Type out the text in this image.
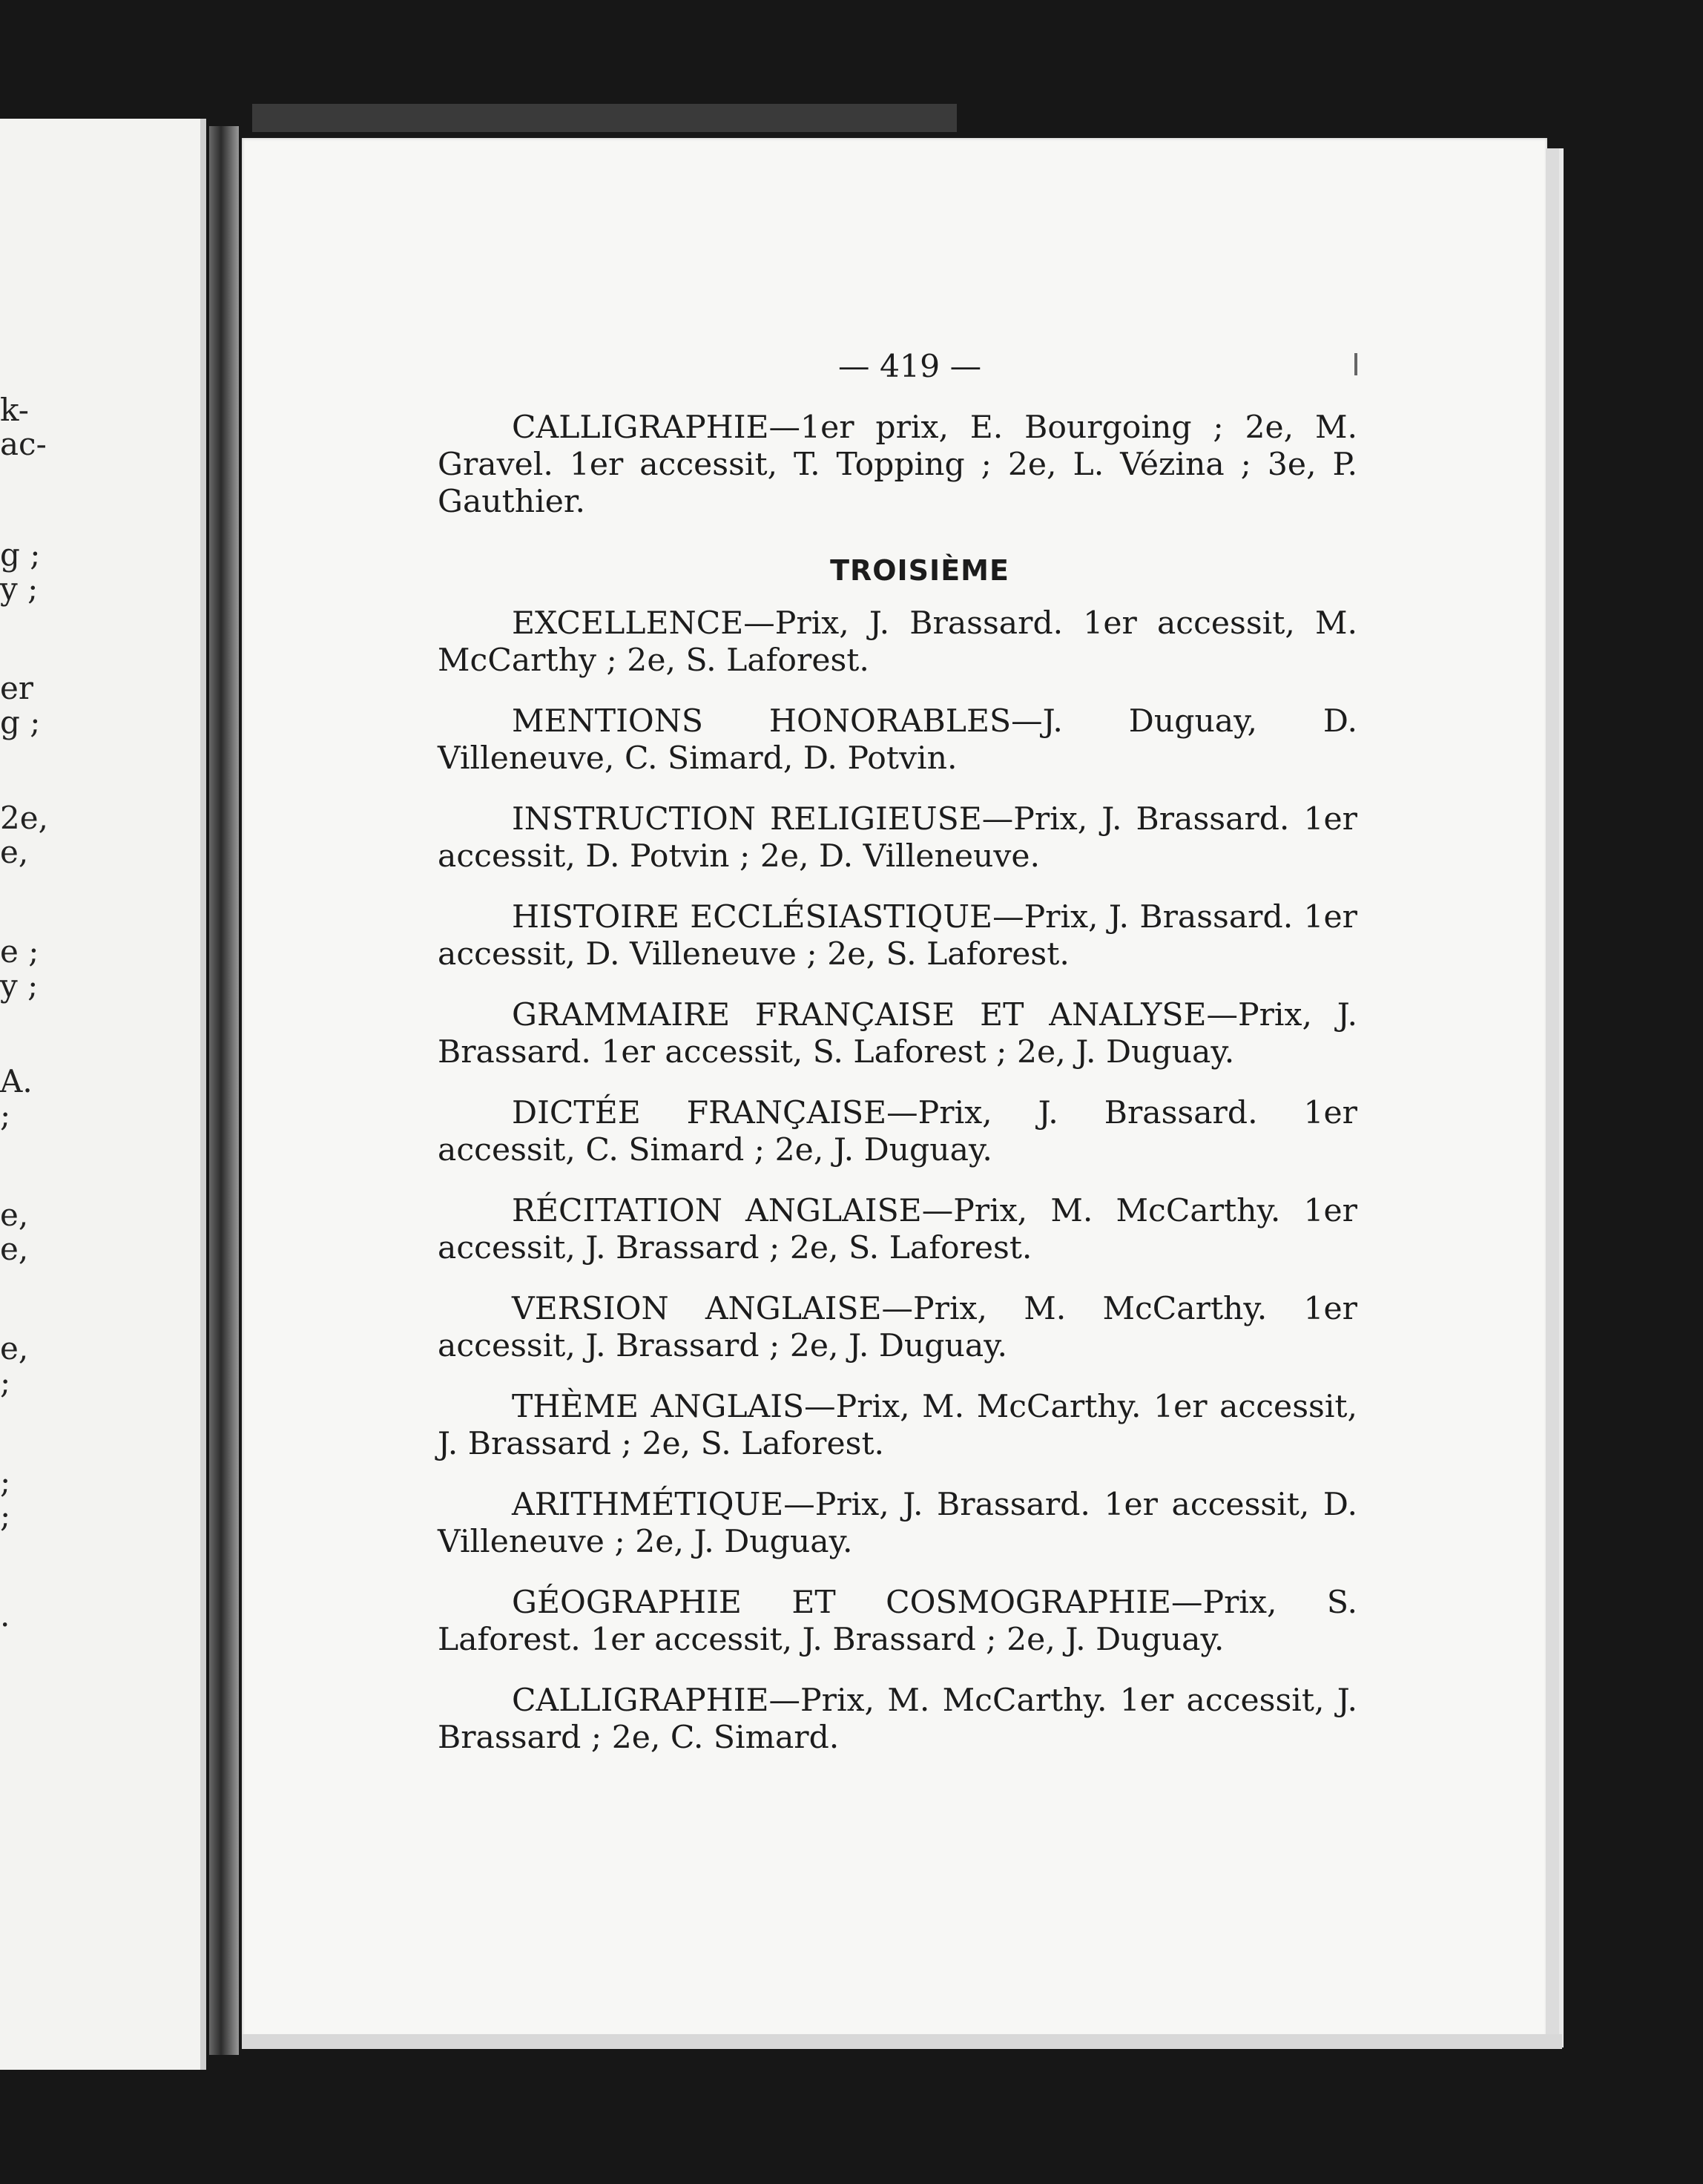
k-
ac-
g ;
y ;
er
g ;
2e,
e,
e ;
y ;
A.
;
e,
e,
e,
;
;
;
.
— 419 —
CALLIGRAPHIE—1er prix, E. Bourgoing ; 2e, M. Gravel. 1er accessit, T. Topping ; 2e, L. Vézina ; 3e, P. Gauthier.
TROISIÈME
EXCELLENCE—Prix, J. Brassard. 1er accessit, M. McCarthy ; 2e, S. Laforest.
MENTIONS HONORABLES—J. Duguay, D. Villeneuve, C. Simard, D. Potvin.
INSTRUCTION RELIGIEUSE—Prix, J. Brassard. 1er accessit, D. Potvin ; 2e, D. Villeneuve.
HISTOIRE ECCLÉSIASTIQUE—Prix, J. Brassard. 1er accessit, D. Villeneuve ; 2e, S. Laforest.
GRAMMAIRE FRANÇAISE ET ANALYSE—Prix, J. Brassard. 1er accessit, S. Laforest ; 2e, J. Duguay.
DICTÉE FRANÇAISE—Prix, J. Brassard. 1er accessit, C. Simard ; 2e, J. Duguay.
RÉCITATION ANGLAISE—Prix, M. McCarthy. 1er accessit, J. Brassard ; 2e, S. Laforest.
VERSION ANGLAISE—Prix, M. McCarthy. 1er accessit, J. Brassard ; 2e, J. Duguay.
THÈME ANGLAIS—Prix, M. McCarthy. 1er accessit, J. Brassard ; 2e, S. Laforest.
ARITHMÉTIQUE—Prix, J. Brassard. 1er accessit, D. Villeneuve ; 2e, J. Duguay.
GÉOGRAPHIE ET COSMOGRAPHIE—Prix, S. Laforest. 1er accessit, J. Brassard ; 2e, J. Duguay.
CALLIGRAPHIE—Prix, M. McCarthy. 1er accessit, J. Brassard ; 2e, C. Simard.
